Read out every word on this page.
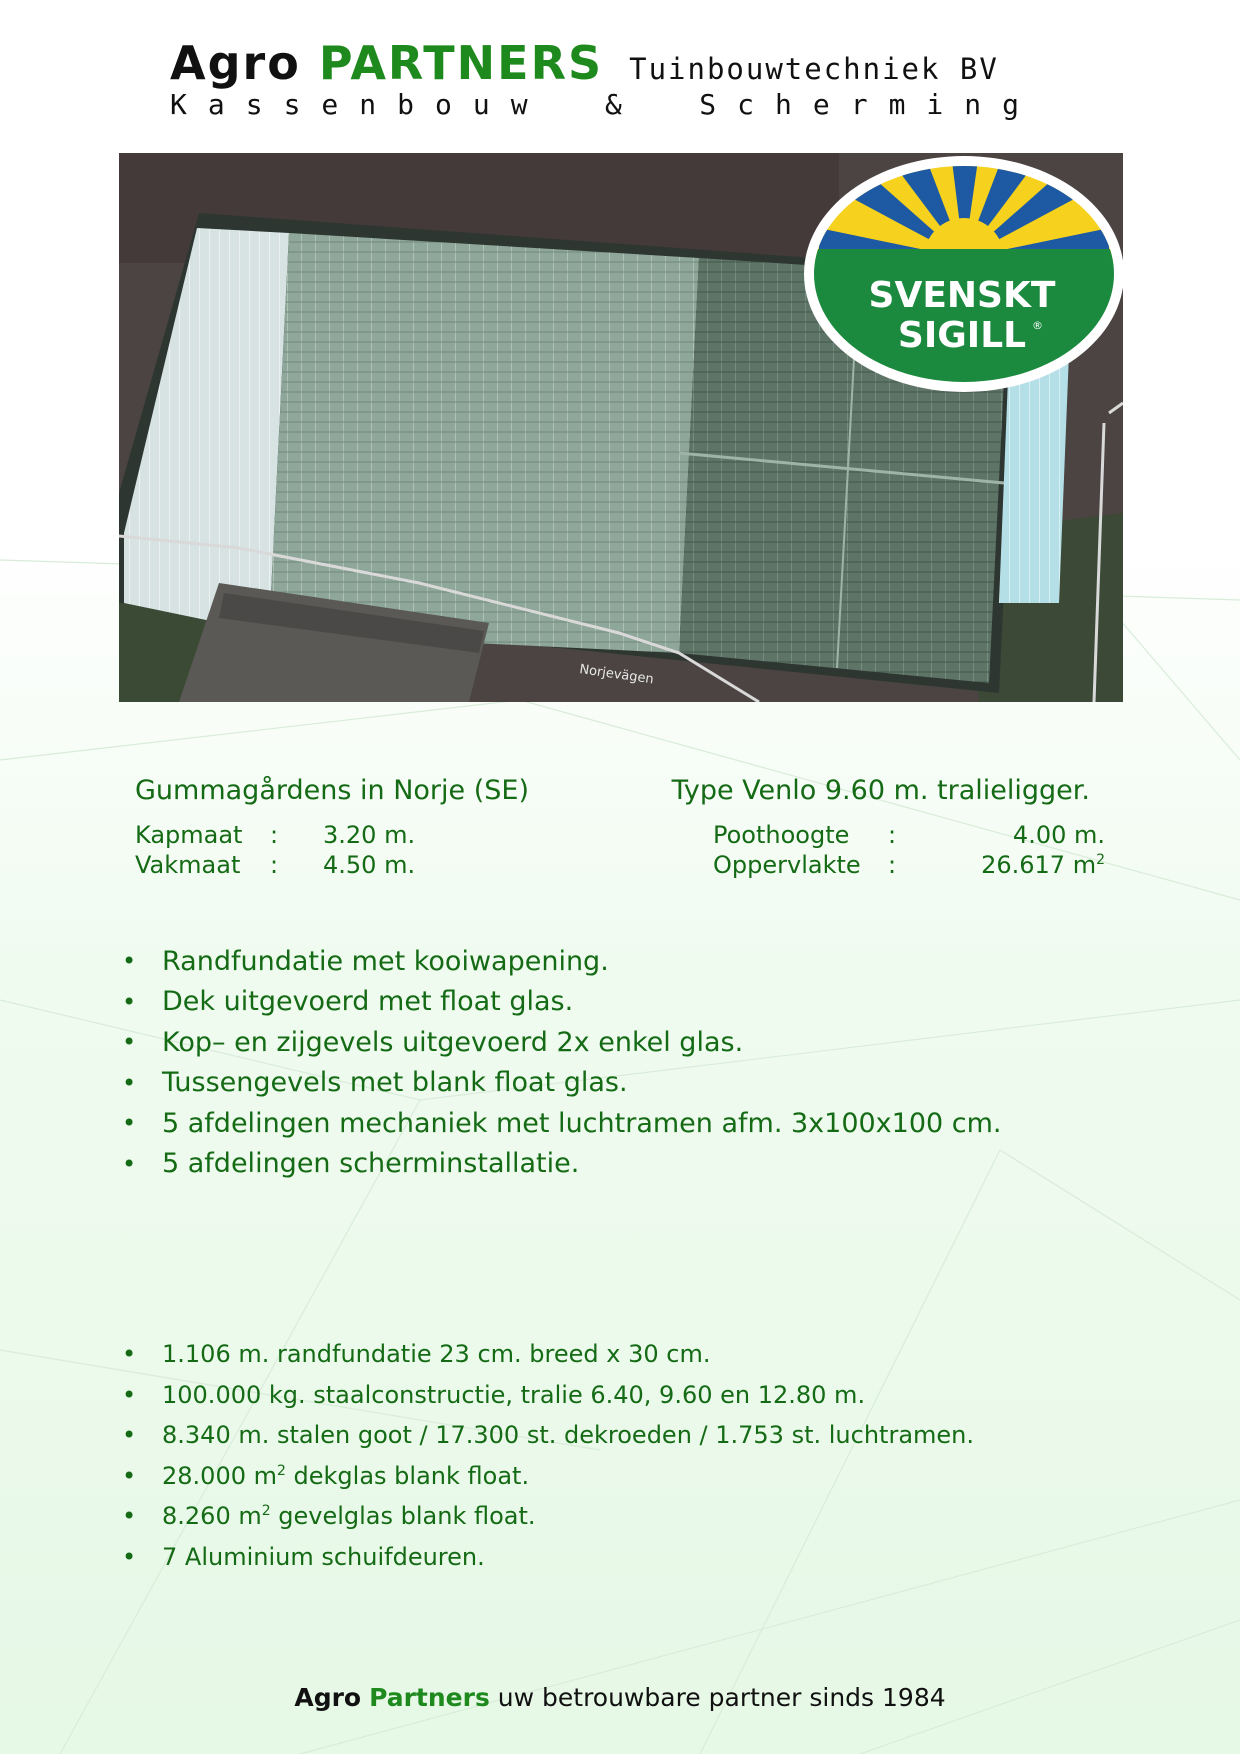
Agro PARTNERS Tuinbouwtechniek BV
Kassenbouw & Scherming
Norjevägen
SVENSKT
SIGILL ®
Gummagårdens in Norje (SE)	Type Venlo 9.60 m. tralieligger.
Kapmaat	:	3.20 m.
Vakmaat	:	4.50 m.
Poothoogte	:	4.00 m.
Oppervlakte	:	26.617 $m^2$
• Randfundatie met kooiwapening.
• Dek uitgevoerd met float glas.
• Kop– en zijgevels uitgevoerd 2x enkel glas.
• Tussengevels met blank float glas.
• 5 afdelingen mechaniek met luchtramen afm. 3x100x100 cm.
• 5 afdelingen scherminstallatie.
•	1.106 m. randfundatie 23 cm. breed x 30 cm.
•	100.000 kg. staalconstructie, tralie 6.40, 9.60 en 12.80 m.
•	8.340 m. stalen goot / 17.300 st. dekroeden / 1.753 st. luchtramen.
•	28.000 $m^2$ dekglas blank float.
•	8.260 $m^2$ gevelglas blank float.
•	7 Aluminium schuifdeuren.
Agro Partners uw betrouwbare partner sinds 1984
